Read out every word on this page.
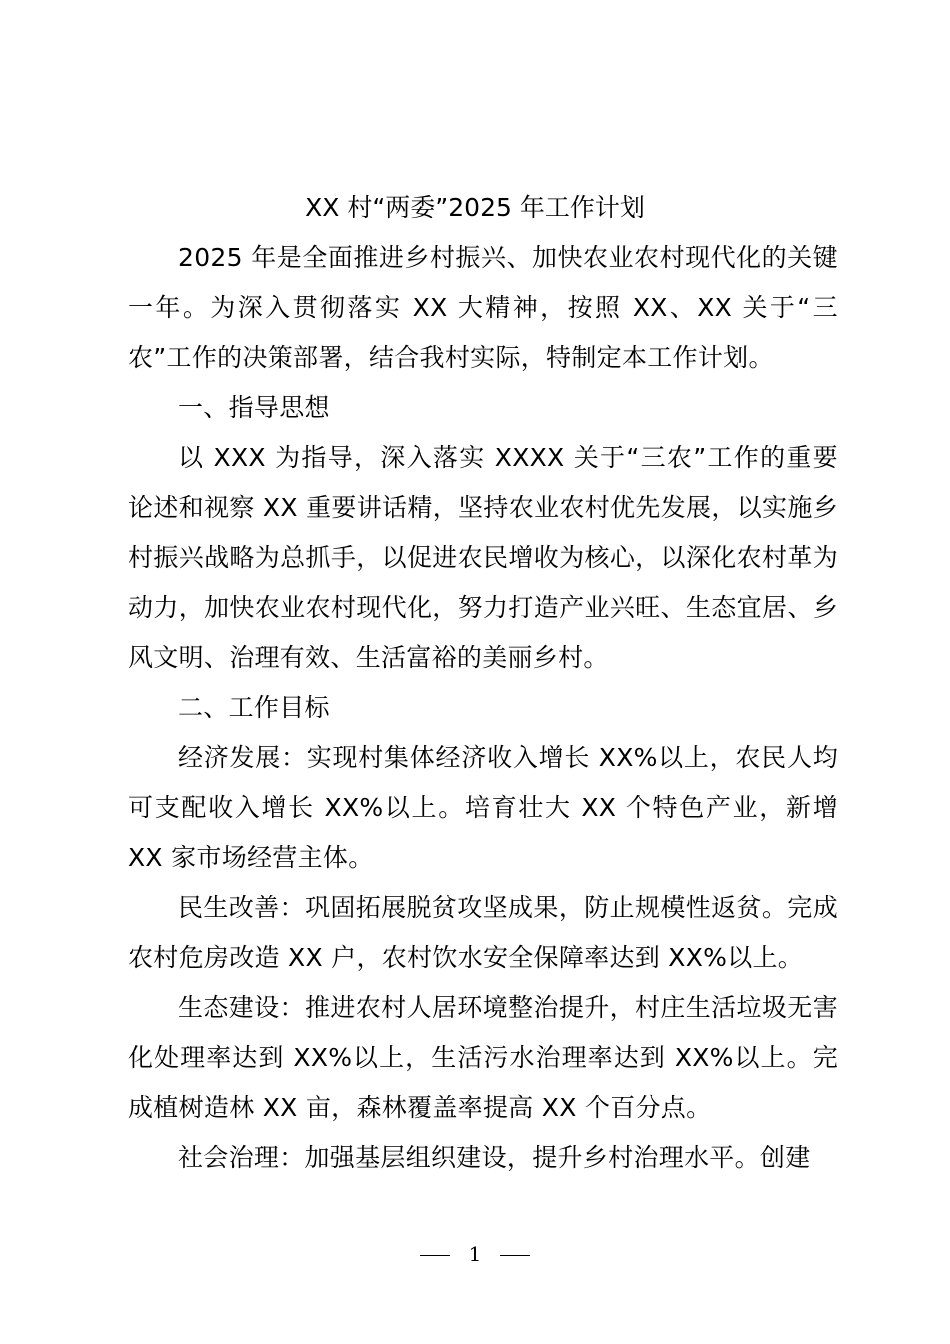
XX 村“两委”2025 年工作计划

2025 年是全面推进乡村振兴、加快农业农村现代化的关键一年。为深入贯彻落实 XX 大精神，按照 XX、XX 关于“三农”工作的决策部署，结合我村实际，特制定本工作计划。

一、指导思想

以 XXX 为指导，深入落实 XXXX 关于“三农”工作的重要论述和视察 XX 重要讲话精，坚持农业农村优先发展，以实施乡村振兴战略为总抓手，以促进农民增收为核心，以深化农村革为动力，加快农业农村现代化，努力打造产业兴旺、生态宜居、乡风文明、治理有效、生活富裕的美丽乡村。

二、工作目标

经济发展：实现村集体经济收入增长 XX%以上，农民人均可支配收入增长 XX%以上。培育壮大 XX 个特色产业，新增 XX 家市场经营主体。

民生改善：巩固拓展脱贫攻坚成果，防止规模性返贫。完成农村危房改造 XX 户，农村饮水安全保障率达到 XX%以上。

生态建设：推进农村人居环境整治提升，村庄生活垃圾无害化处理率达到 XX%以上，生活污水治理率达到 XX%以上。完成植树造林 XX 亩，森林覆盖率提高 XX 个百分点。

社会治理：加强基层组织建设，提升乡村治理水平。创建

1
